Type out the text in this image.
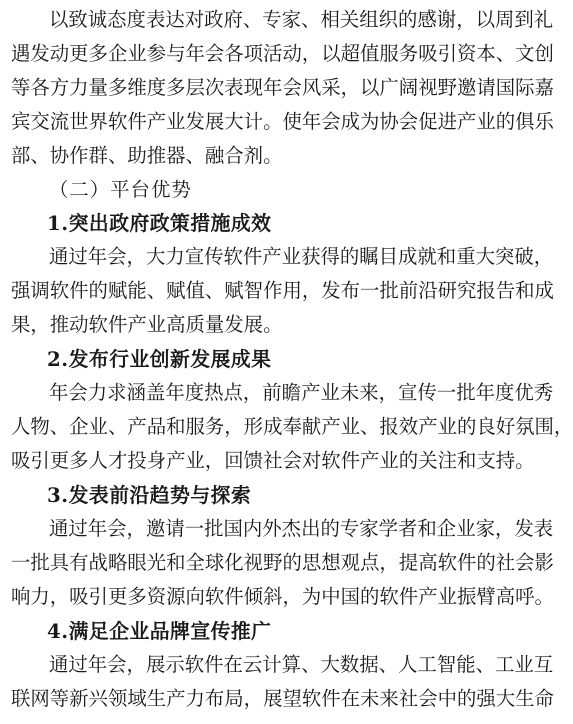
以致诚态度表达对政府、专家、相关组织的感谢，以周到礼
遇发动更多企业参与年会各项活动，以超值服务吸引资本、文创
等各方力量多维度多层次表现年会风采，以广阔视野邀请国际嘉
宾交流世界软件产业发展大计。使年会成为协会促进产业的俱乐
部、协作群、助推器、融合剂。
（二）平台优势
1.突出政府政策措施成效
通过年会，大力宣传软件产业获得的瞩目成就和重大突破，
强调软件的赋能、赋值、赋智作用，发布一批前沿研究报告和成
果，推动软件产业高质量发展。
2.发布行业创新发展成果
年会力求涵盖年度热点，前瞻产业未来，宣传一批年度优秀
人物、企业、产品和服务，形成奉献产业、报效产业的良好氛围，
吸引更多人才投身产业，回馈社会对软件产业的关注和支持。
3.发表前沿趋势与探索
通过年会，邀请一批国内外杰出的专家学者和企业家，发表
一批具有战略眼光和全球化视野的思想观点，提高软件的社会影
响力，吸引更多资源向软件倾斜，为中国的软件产业振臂高呼。
4.满足企业品牌宣传推广
通过年会，展示软件在云计算、大数据、人工智能、工业互
联网等新兴领域生产力布局，展望软件在未来社会中的强大生命
